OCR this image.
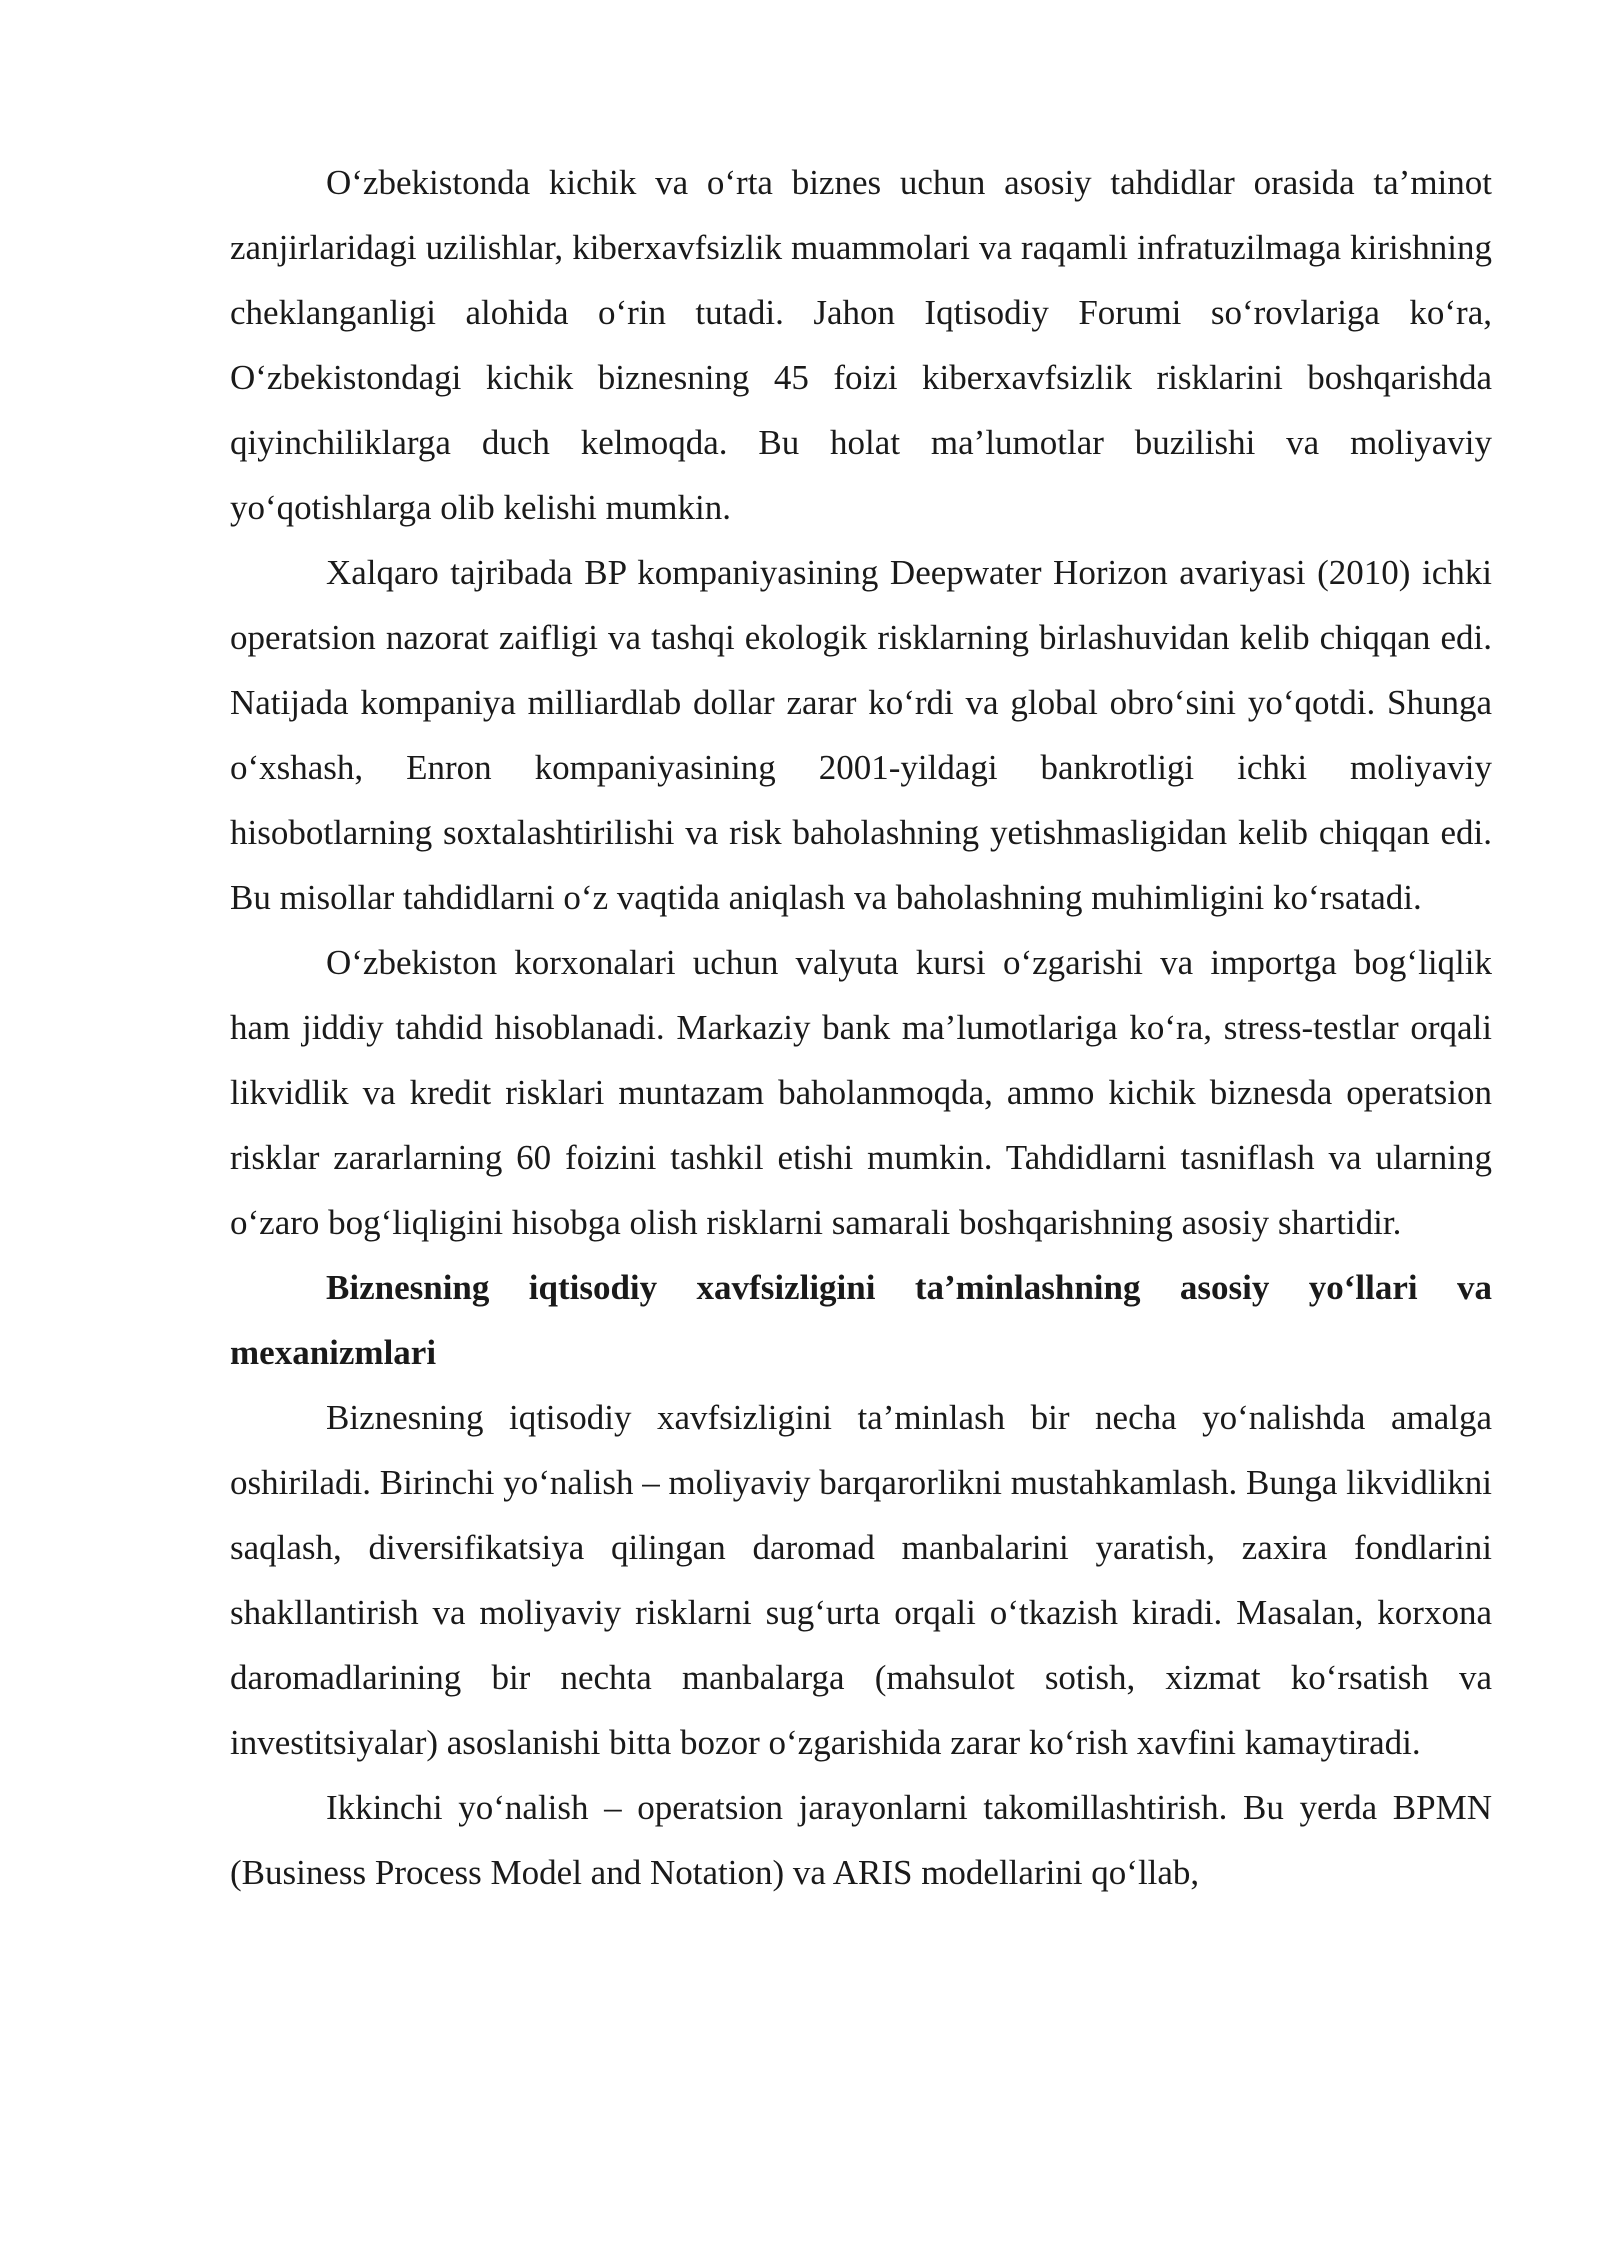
O‘zbekistonda kichik va o‘rta biznes uchun asosiy tahdidlar orasida ta’minot zanjirlaridagi uzilishlar, kiberxavfsizlik muammolari va raqamli infratuzilmaga kirishning cheklanganligi alohida o‘rin tutadi. Jahon Iqtisodiy Forumi so‘rovlariga ko‘ra, O‘zbekistondagi kichik biznesning 45 foizi kiberxavfsizlik risklarini boshqarishda qiyinchiliklarga duch kelmoqda. Bu holat ma’lumotlar buzilishi va moliyaviy yo‘qotishlarga olib kelishi mumkin.

Xalqaro tajribada BP kompaniyasining Deepwater Horizon avariyasi (2010) ichki operatsion nazorat zaifligi va tashqi ekologik risklarning birlashuvidan kelib chiqqan edi. Natijada kompaniya milliardlab dollar zarar ko‘rdi va global obro‘sini yo‘qotdi. Shunga o‘xshash, Enron kompaniyasining 2001-yildagi bankrotligi ichki moliyaviy hisobotlarning soxtalashtirilishi va risk baholashning yetishmasligidan kelib chiqqan edi. Bu misollar tahdidlarni o‘z vaqtida aniqlash va baholashning muhimligini ko‘rsatadi.

O‘zbekiston korxonalari uchun valyuta kursi o‘zgarishi va importga bog‘liqlik ham jiddiy tahdid hisoblanadi. Markaziy bank ma’lumotlariga ko‘ra, stress-testlar orqali likvidlik va kredit risklari muntazam baholanmoqda, ammo kichik biznesda operatsion risklar zararlarning 60 foizini tashkil etishi mumkin. Tahdidlarni tasniflash va ularning o‘zaro bog‘liqligini hisobga olish risklarni samarali boshqarishning asosiy shartidir.

Biznesning iqtisodiy xavfsizligini ta’minlashning asosiy yo‘llari va mexanizmlari

Biznesning iqtisodiy xavfsizligini ta’minlash bir necha yo‘nalishda amalga oshiriladi. Birinchi yo‘nalish – moliyaviy barqarorlikni mustahkamlash. Bunga likvidlikni saqlash, diversifikatsiya qilingan daromad manbalarini yaratish, zaxira fondlarini shakllantirish va moliyaviy risklarni sug‘urta orqali o‘tkazish kiradi. Masalan, korxona daromadlarining bir nechta manbalarga (mahsulot sotish, xizmat ko‘rsatish va investitsiyalar) asoslanishi bitta bozor o‘zgarishida zarar ko‘rish xavfini kamaytiradi.

Ikkinchi yo‘nalish – operatsion jarayonlarni takomillashtirish. Bu yerda BPMN (Business Process Model and Notation) va ARIS modellarini qo‘llab,
